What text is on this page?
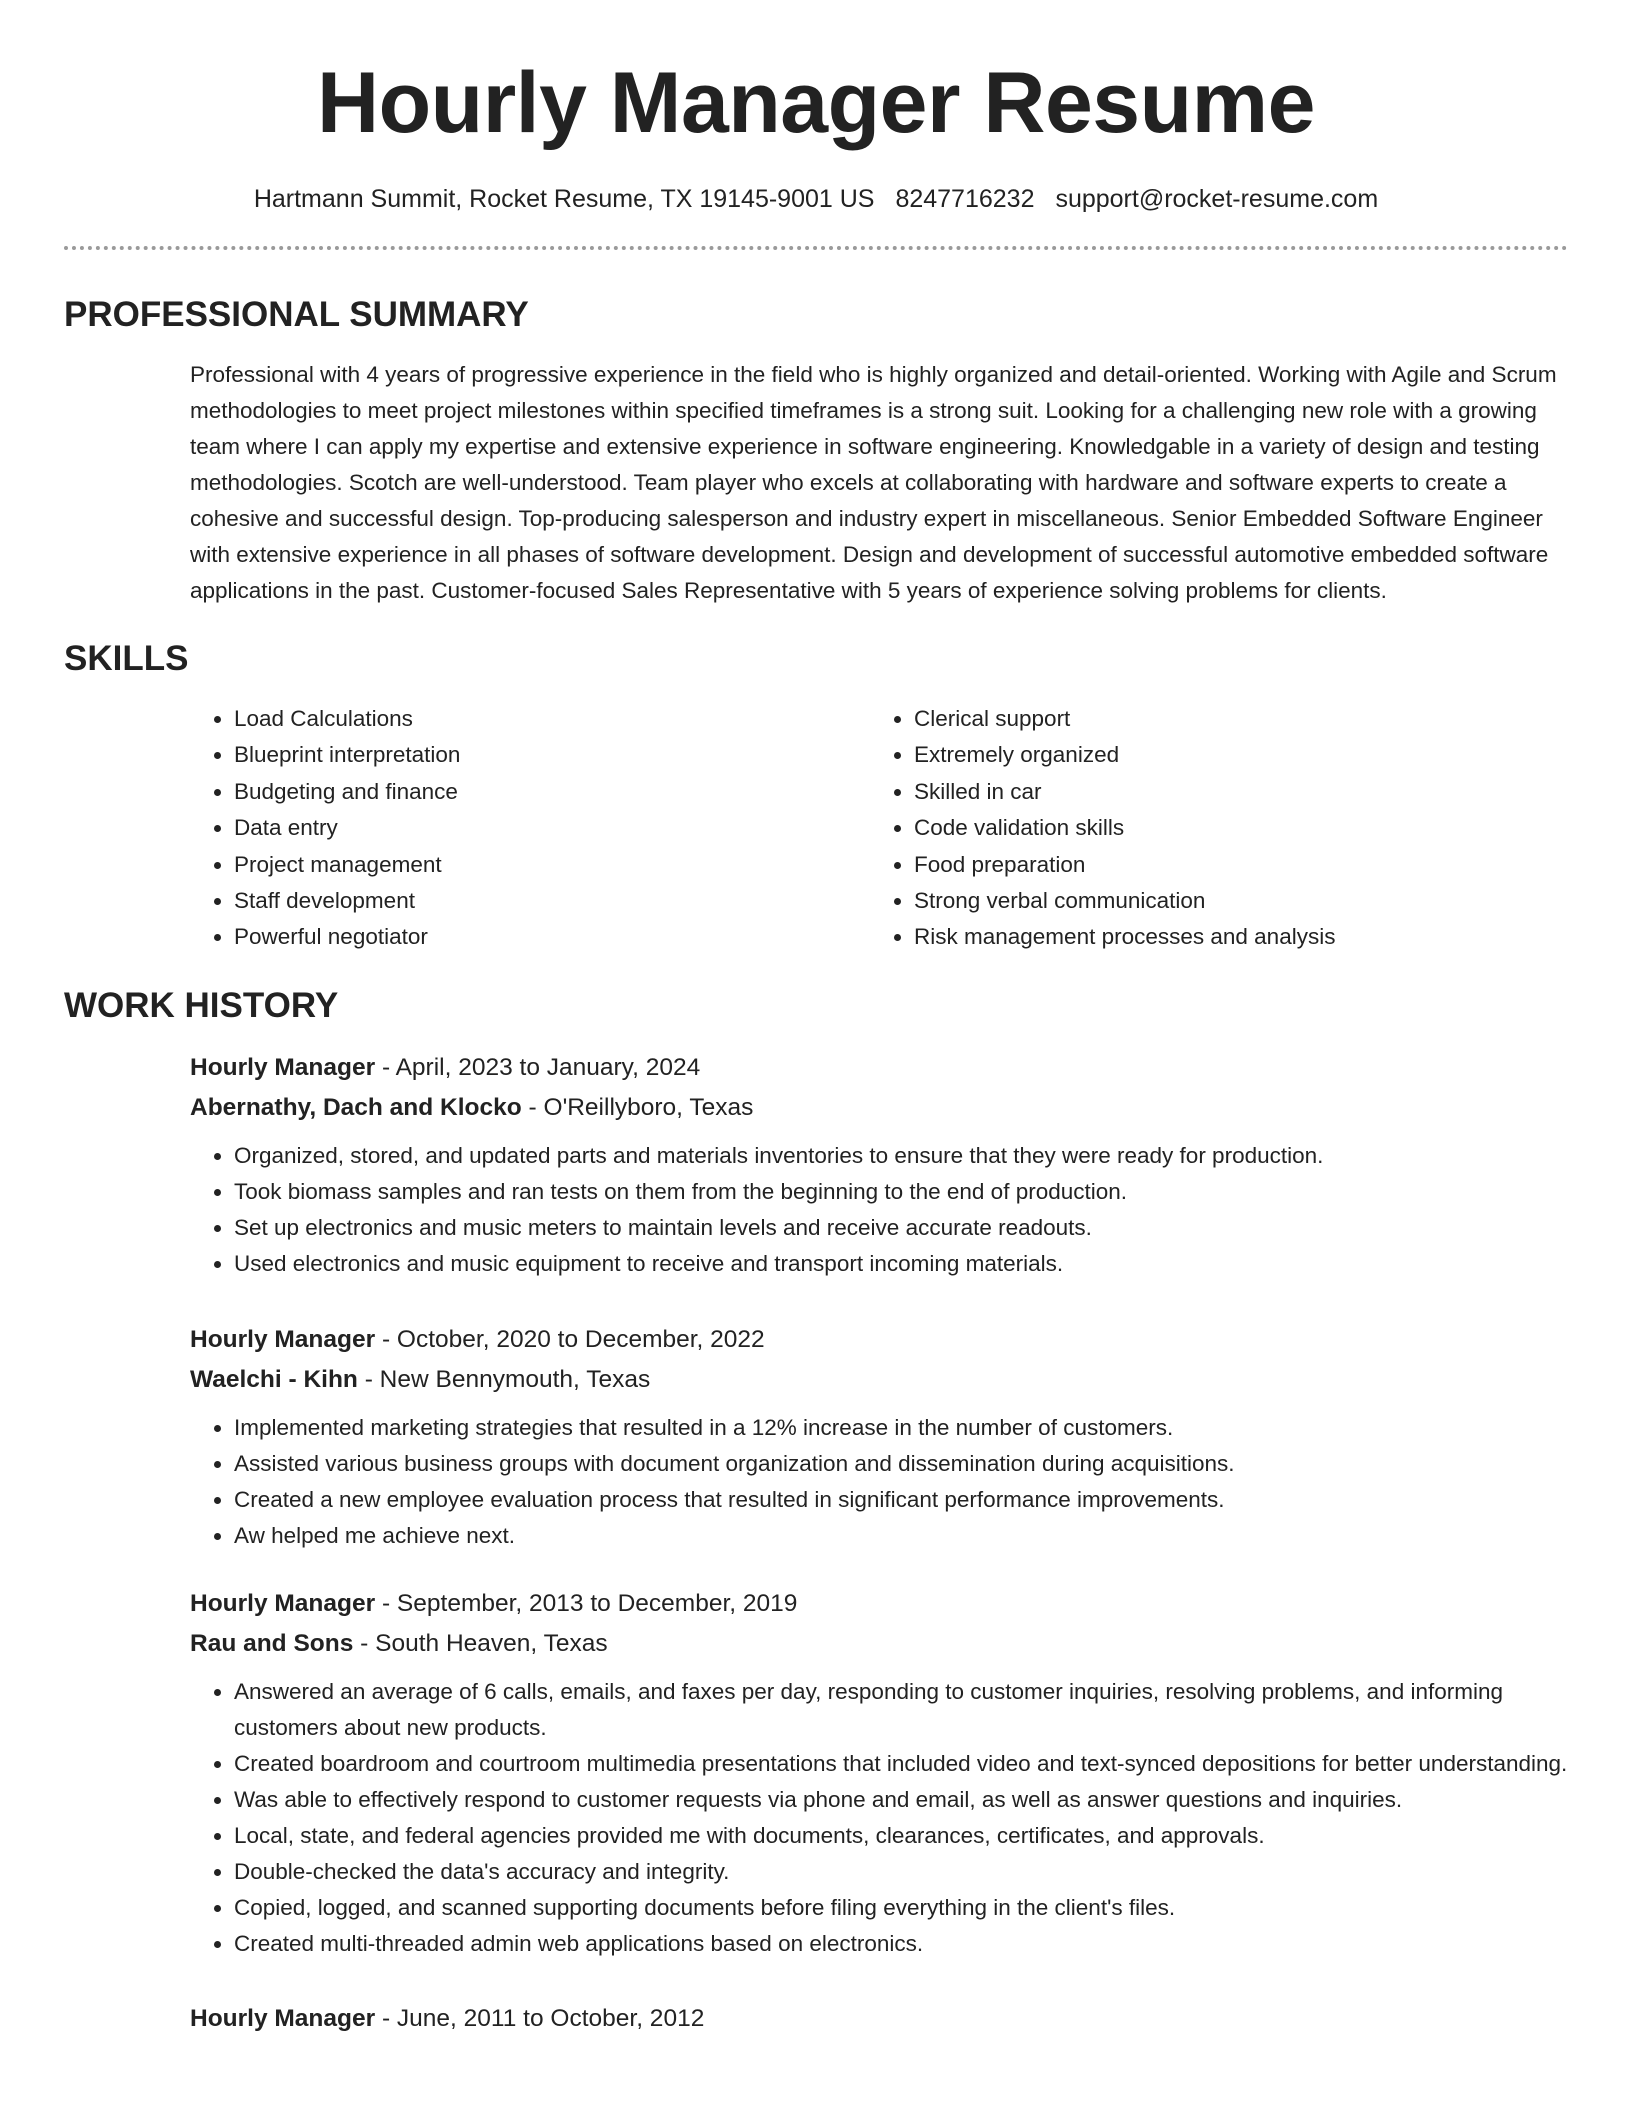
Hourly Manager Resume
Hartmann Summit, Rocket Resume, TX 19145-9001 US 8247716232 support@rocket-resume.com
PROFESSIONAL SUMMARY
Professional with 4 years of progressive experience in the field who is highly organized and detail-oriented. Working with Agile and Scrum methodologies to meet project milestones within specified timeframes is a strong suit. Looking for a challenging new role with a growing team where I can apply my expertise and extensive experience in software engineering. Knowledgable in a variety of design and testing methodologies. Scotch are well-understood. Team player who excels at collaborating with hardware and software experts to create a cohesive and successful design. Top-producing salesperson and industry expert in miscellaneous. Senior Embedded Software Engineer with extensive experience in all phases of software development. Design and development of successful automotive embedded software applications in the past. Customer-focused Sales Representative with 5 years of experience solving problems for clients.
SKILLS
• Load Calculations
• Blueprint interpretation
• Budgeting and finance
• Data entry
• Project management
• Staff development
• Powerful negotiator
• Clerical support
• Extremely organized
• Skilled in car
• Code validation skills
• Food preparation
• Strong verbal communication
• Risk management processes and analysis
WORK HISTORY
Hourly Manager - April, 2023 to January, 2024
Abernathy, Dach and Klocko - O'Reillyboro, Texas
• Organized, stored, and updated parts and materials inventories to ensure that they were ready for production.
• Took biomass samples and ran tests on them from the beginning to the end of production.
• Set up electronics and music meters to maintain levels and receive accurate readouts.
• Used electronics and music equipment to receive and transport incoming materials.
Hourly Manager - October, 2020 to December, 2022
Waelchi - Kihn - New Bennymouth, Texas
• Implemented marketing strategies that resulted in a 12% increase in the number of customers.
• Assisted various business groups with document organization and dissemination during acquisitions.
• Created a new employee evaluation process that resulted in significant performance improvements.
• Aw helped me achieve next.
Hourly Manager - September, 2013 to December, 2019
Rau and Sons - South Heaven, Texas
• Answered an average of 6 calls, emails, and faxes per day, responding to customer inquiries, resolving problems, and informing customers about new products.
• Created boardroom and courtroom multimedia presentations that included video and text-synced depositions for better understanding.
• Was able to effectively respond to customer requests via phone and email, as well as answer questions and inquiries.
• Local, state, and federal agencies provided me with documents, clearances, certificates, and approvals.
• Double-checked the data's accuracy and integrity.
• Copied, logged, and scanned supporting documents before filing everything in the client's files.
• Created multi-threaded admin web applications based on electronics.
Hourly Manager - June, 2011 to October, 2012
